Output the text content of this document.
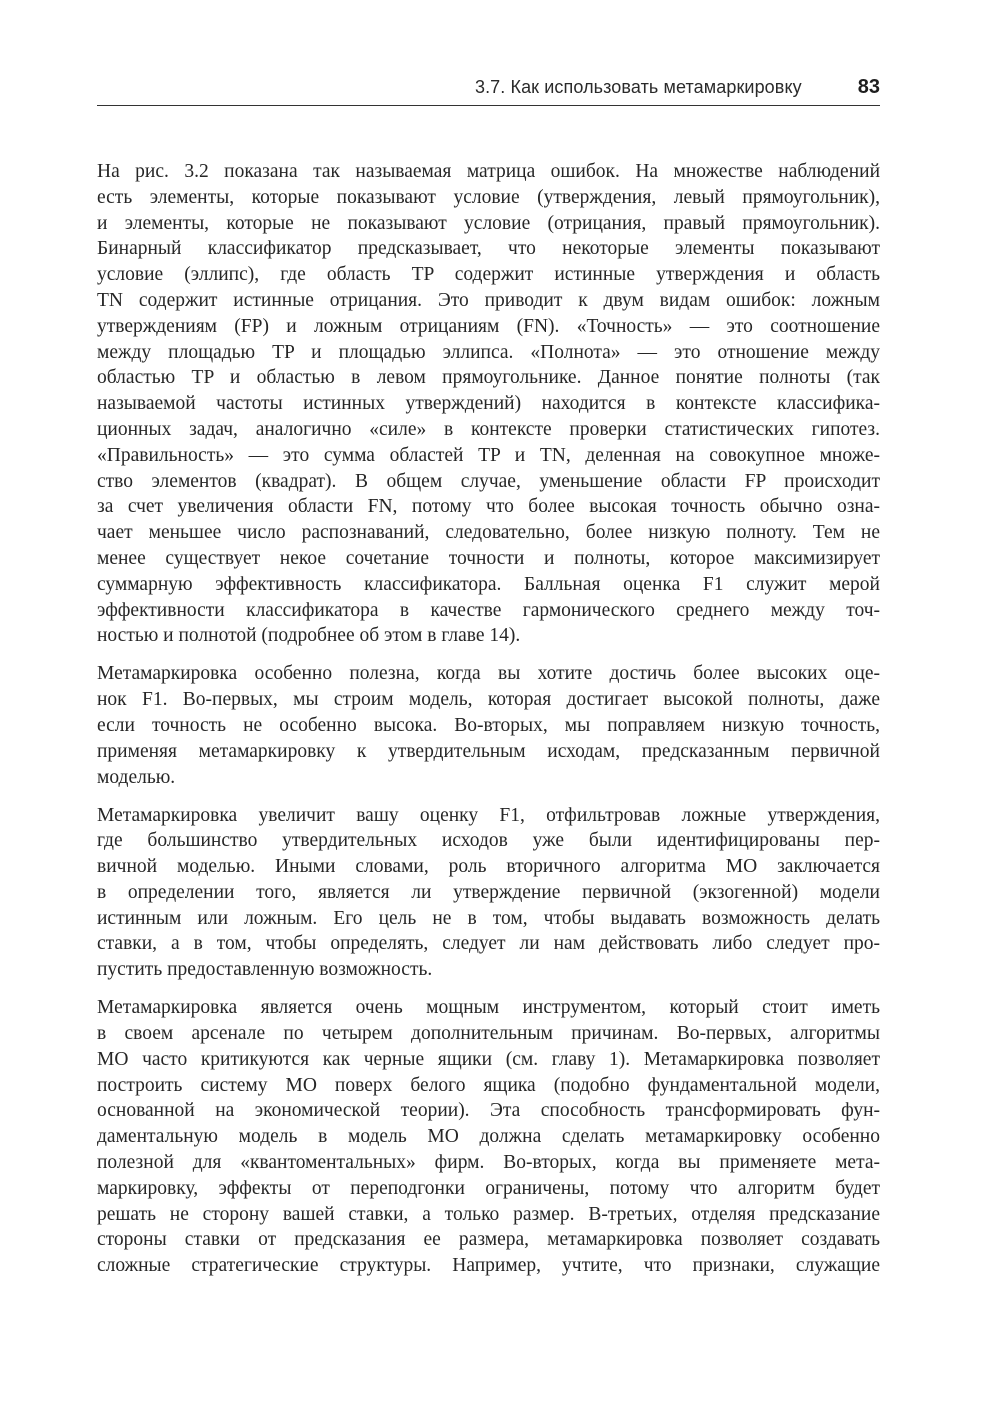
3.7. Как использовать метамаркировку	83
На рис. 3.2 показана так называемая матрица ошибок. На множестве наблюдений
есть элементы, которые показывают условие (утверждения, левый прямоугольник),
и элементы, которые не показывают условие (отрицания, правый прямоугольник).
Бинарный классификатор предсказывает, что некоторые элементы показывают
условие (эллипс), где область TP содержит истинные утверждения и область
TN содержит истинные отрицания. Это приводит к двум видам ошибок: ложным
утверждениям (FP) и ложным отрицаниям (FN). «Точность» — это соотношение
между площадью TP и площадью эллипса. «Полнота» — это отношение между
областью TP и областью в левом прямоугольнике. Данное понятие полноты (так
называемой частоты истинных утверждений) находится в контексте классифика-
ционных задач, аналогично «силе» в контексте проверки статистических гипотез.
«Правильность» — это сумма областей TP и TN, деленная на совокупное множе-
ство элементов (квадрат). В общем случае, уменьшение области FP происходит
за счет увеличения области FN, потому что более высокая точность обычно озна-
чает меньшее число распознаваний, следовательно, более низкую полноту. Тем не
менее существует некое сочетание точности и полноты, которое максимизирует
суммарную эффективность классификатора. Балльная оценка F1 служит мерой
эффективности классификатора в качестве гармонического среднего между точ-
ностью и полнотой (подробнее об этом в главе 14).
Метамаркировка особенно полезна, когда вы хотите достичь более высоких оце-
нок F1. Во-первых, мы строим модель, которая достигает высокой полноты, даже
если точность не особенно высока. Во-вторых, мы поправляем низкую точность,
применяя метамаркировку к утвердительным исходам, предсказанным первичной
моделью.
Метамаркировка увеличит вашу оценку F1, отфильтровав ложные утверждения,
где большинство утвердительных исходов уже были идентифицированы пер-
вичной моделью. Иными словами, роль вторичного алгоритма МО заключается
в определении того, является ли утверждение первичной (экзогенной) модели
истинным или ложным. Его цель не в том, чтобы выдавать возможность делать
ставки, а в том, чтобы определять, следует ли нам действовать либо следует про-
пустить предоставленную возможность.
Метамаркировка является очень мощным инструментом, который стоит иметь
в своем арсенале по четырем дополнительным причинам. Во-первых, алгоритмы
МО часто критикуются как черные ящики (см. главу 1). Метамаркировка позволяет
построить систему МО поверх белого ящика (подобно фундаментальной модели,
основанной на экономической теории). Эта способность трансформировать фун-
даментальную модель в модель МО должна сделать метамаркировку особенно
полезной для «квантоментальных» фирм. Во-вторых, когда вы применяете мета-
маркировку, эффекты от переподгонки ограничены, потому что алгоритм будет
решать не сторону вашей ставки, а только размер. В-третьих, отделяя предсказание
стороны ставки от предсказания ее размера, метамаркировка позволяет создавать
сложные стратегические структуры. Например, учтите, что признаки, служащие
